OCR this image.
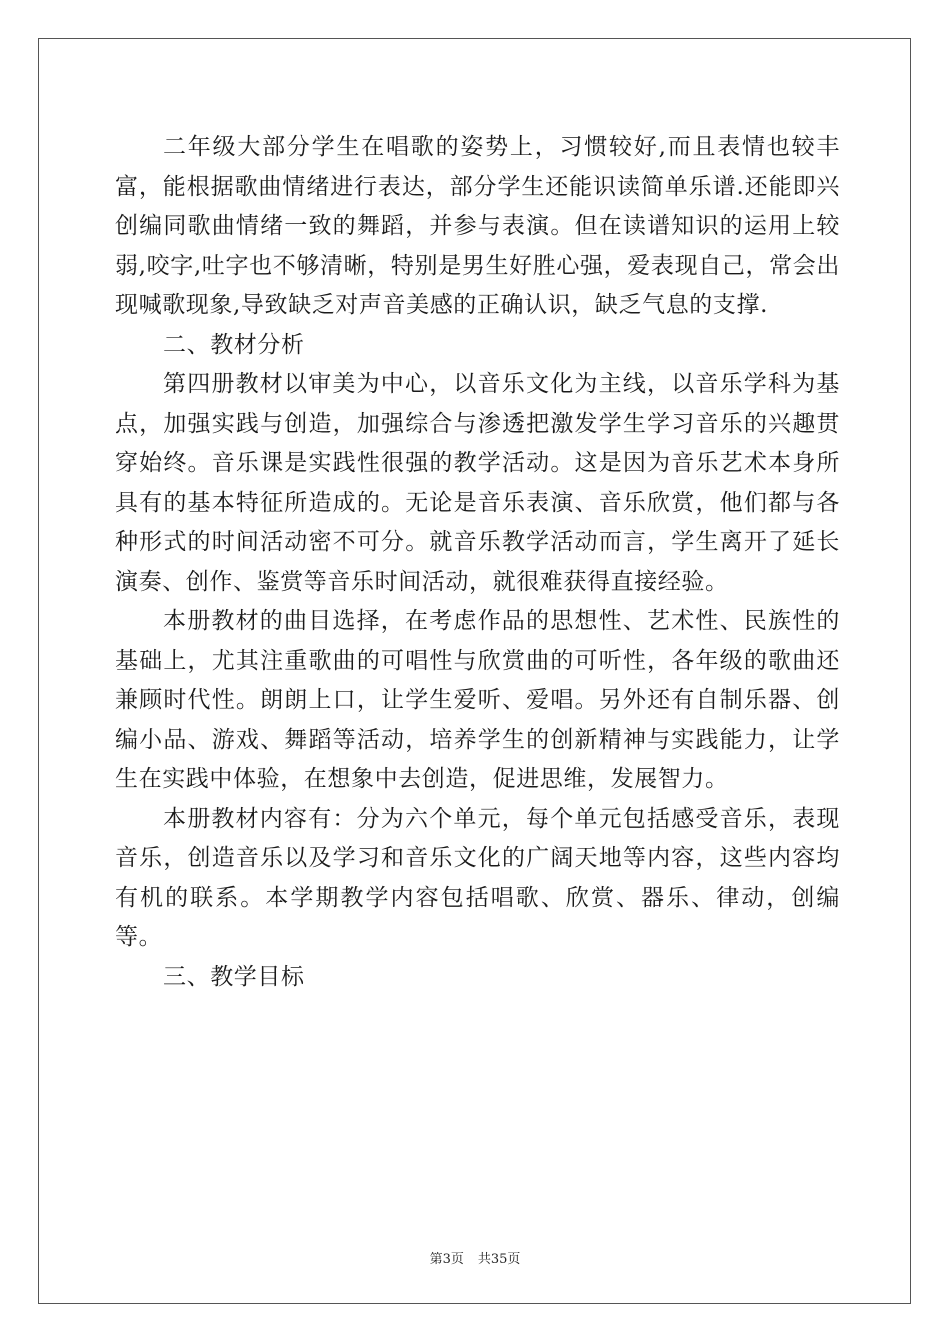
二年级大部分学生在唱歌的姿势上，习惯较好,而且表情也较丰富，能根据歌曲情绪进行表达，部分学生还能识读简单乐谱.还能即兴创编同歌曲情绪一致的舞蹈，并参与表演。但在读谱知识的运用上较弱,咬字,吐字也不够清晰，特别是男生好胜心强，爱表现自己，常会出现喊歌现象,导致缺乏对声音美感的正确认识，缺乏气息的支撑.

二、教材分析

第四册教材以审美为中心，以音乐文化为主线，以音乐学科为基点，加强实践与创造，加强综合与渗透把激发学生学习音乐的兴趣贯穿始终。音乐课是实践性很强的教学活动。这是因为音乐艺术本身所具有的基本特征所造成的。无论是音乐表演、音乐欣赏，他们都与各种形式的时间活动密不可分。就音乐教学活动而言，学生离开了延长演奏、创作、鉴赏等音乐时间活动，就很难获得直接经验。

本册教材的曲目选择，在考虑作品的思想性、艺术性、民族性的基础上，尤其注重歌曲的可唱性与欣赏曲的可听性，各年级的歌曲还兼顾时代性。朗朗上口，让学生爱听、爱唱。另外还有自制乐器、创编小品、游戏、舞蹈等活动，培养学生的创新精神与实践能力，让学生在实践中体验，在想象中去创造，促进思维，发展智力。

本册教材内容有：分为六个单元，每个单元包括感受音乐，表现音乐，创造音乐以及学习和音乐文化的广阔天地等内容，这些内容均有机的联系。本学期教学内容包括唱歌、欣赏、器乐、律动，创编等。

三、教学目标

第3页 共35页
